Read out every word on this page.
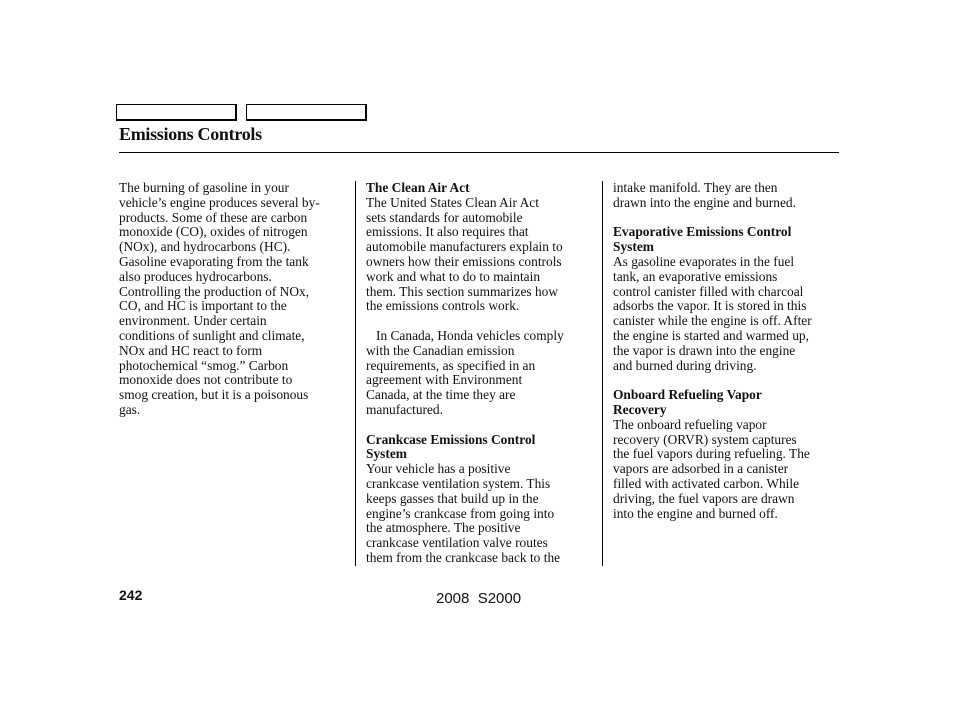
Emissions Controls

The burning of gasoline in your

vehicle’s engine produces several by-

products. Some of these are carbon

monoxide (CO), oxides of nitrogen

(NOx), and hydrocarbons (HC).

Gasoline evaporating from the tank

also produces hydrocarbons.

Controlling the production of NOx,

CO, and HC is important to the

environment. Under certain

conditions of sunlight and climate,

NOx and HC react to form

photochemical “smog.” Carbon

monoxide does not contribute to

smog creation, but it is a poisonous

gas.

The Clean Air Act

The United States Clean Air Act

sets standards for automobile

emissions. It also requires that

automobile manufacturers explain to

owners how their emissions controls

work and what to do to maintain

them. This section summarizes how

the emissions controls work.

In Canada, Honda vehicles comply

with the Canadian emission

requirements, as specified in an

agreement with Environment

Canada, at the time they are

manufactured.

Crankcase Emissions Control

System

Your vehicle has a positive

crankcase ventilation system. This

keeps gasses that build up in the

engine’s crankcase from going into

the atmosphere. The positive

crankcase ventilation valve routes

them from the crankcase back to the

intake manifold. They are then

drawn into the engine and burned.

Evaporative Emissions Control

System

As gasoline evaporates in the fuel

tank, an evaporative emissions

control canister filled with charcoal

adsorbs the vapor. It is stored in this

canister while the engine is off. After

the engine is started and warmed up,

the vapor is drawn into the engine

and burned during driving.

Onboard Refueling Vapor

Recovery

The onboard refueling vapor

recovery (ORVR) system captures

the fuel vapors during refueling. The

vapors are adsorbed in a canister

filled with activated carbon. While

driving, the fuel vapors are drawn

into the engine and burned off.

242	2008  S2000
